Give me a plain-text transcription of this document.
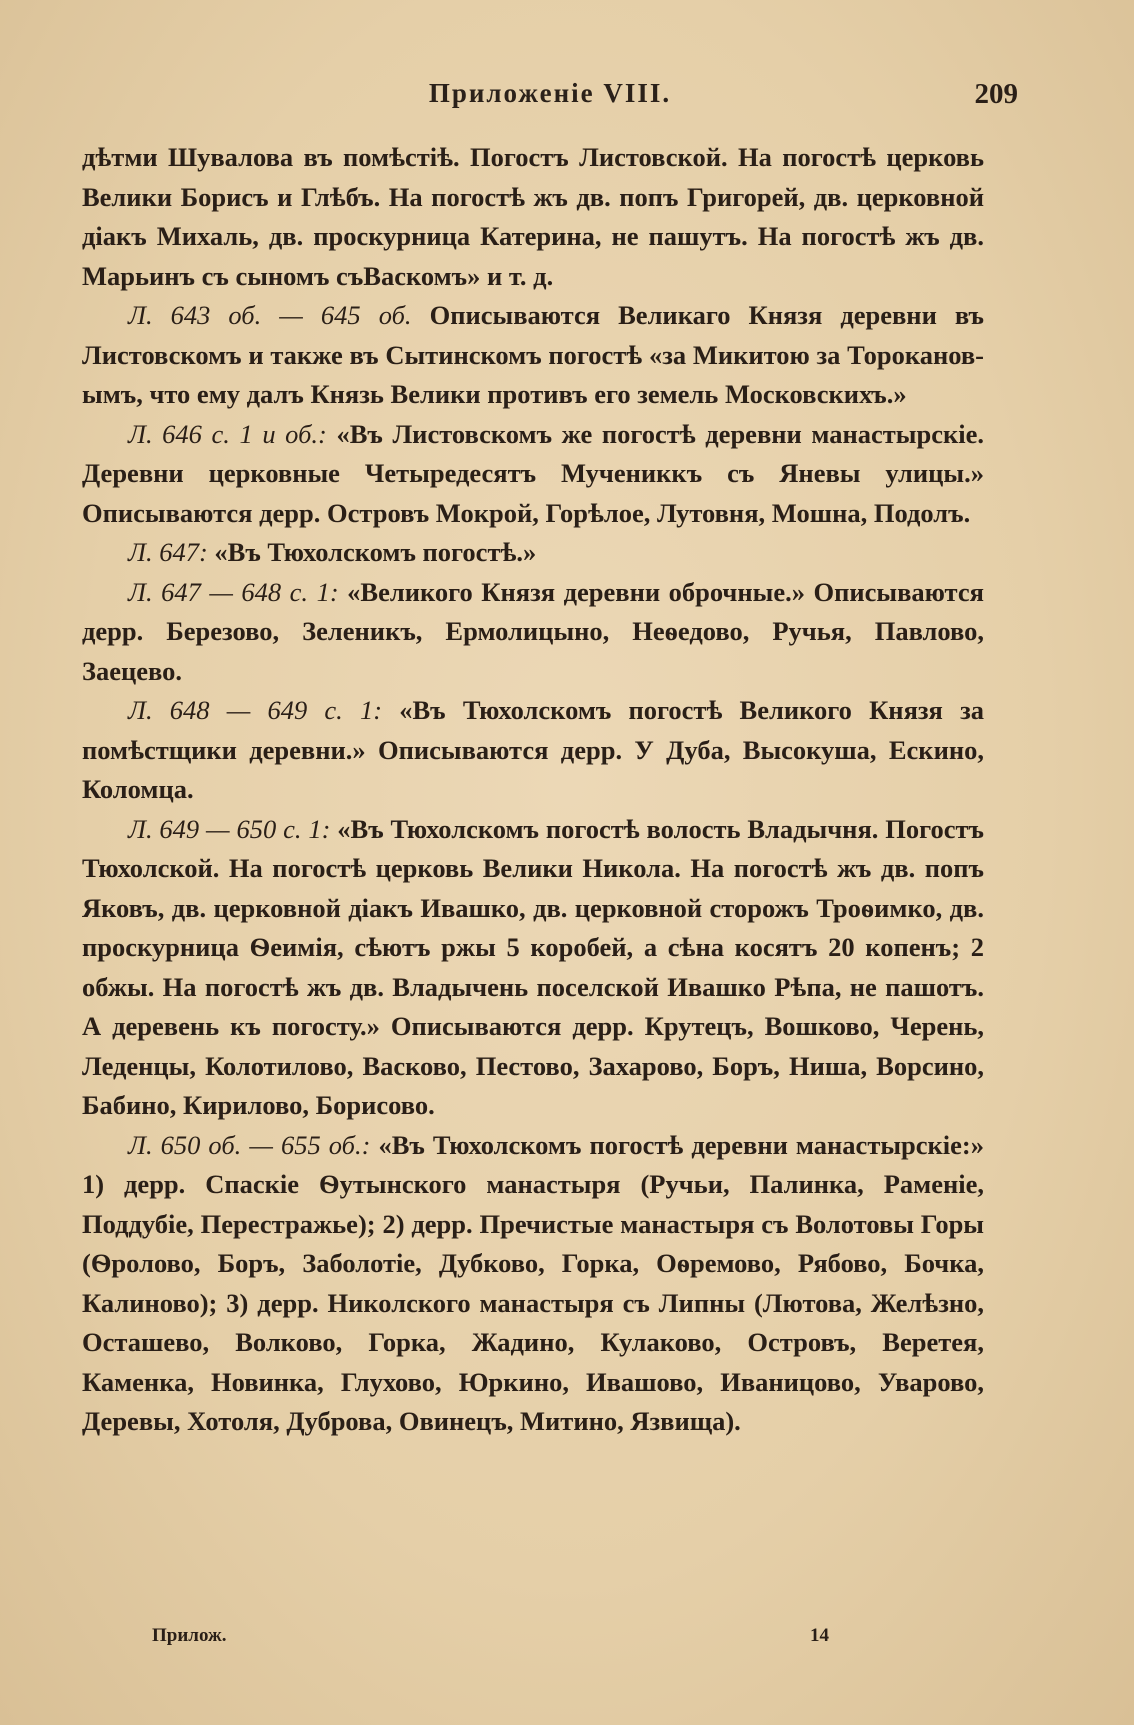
Приложеніе VIII.	209

дѣтми Шувалова въ помѣстіѣ. Погостъ Листовской. На погостѣ церковь Велики Борисъ и Глѣбъ. На погостѣ жъ дв. попъ Григорей, дв. церковной діакъ Михаль, дв. проскурница Катерина, не пашутъ. На погостѣ жъ дв. Марьинъ съ сыномъ съВаскомъ» и т. д.

Л. 643 об. — 645 об. Описываются Великаго Князя деревни въ Листовскомъ и также въ Сытинскомъ погостѣ «за Микитою за Торокановымъ, что ему далъ Князь Велики противъ его земель Московскихъ.»

Л. 646 с. 1 и об.: «Въ Листовскомъ же погостѣ деревни манастырскіе. Деревни церковные Четыредесятъ Мучениккъ съ Яневы улицы.» Описываются дерр. Островъ Мокрой, Горѣлое, Лутовня, Мошна, Подолъ.

Л. 647: «Въ Тюхолскомъ погостѣ.»

Л. 647 — 648 с. 1: «Великого Князя деревни оброчные.» Описываются дерр. Березово, Зеленикъ, Ермолицыно, Неѳедово, Ручья, Павлово, Заецево.

Л. 648 — 649 с. 1: «Въ Тюхолскомъ погостѣ Великого Князя за помѣстщики деревни.» Описываются дерр. У Дуба, Высокуша, Ескино, Коломца.

Л. 649 — 650 с. 1: «Въ Тюхолскомъ погостѣ волость Владычня. Погостъ Тюхолской. На погостѣ церковь Велики Никола. На погостѣ жъ дв. попъ Яковъ, дв. церковной діакъ Ивашко, дв. церковной сторожъ Троѳимко, дв. проскурница Ѳеимія, сѣютъ ржы 5 коробей, а сѣна косятъ 20 копенъ; 2 обжы. На погостѣ жъ дв. Владычень поселской Ивашко Рѣпа, не пашотъ. А деревень къ погосту.» Описываются дерр. Крутецъ, Вошково, Черень, Леденцы, Колотилово, Васково, Пестово, Захарово, Боръ, Ниша, Ворсино, Бабино, Кирилово, Борисово.

Л. 650 об. — 655 об.: «Въ Тюхолскомъ погостѣ деревни манастырскіе:» 1) дерр. Спаскіе Ѳутынского манастыря (Ручьи, Палинка, Раменіе, Поддубіе, Перестражье); 2) дерр. Пречистые манастыря съ Волотовы Горы (Ѳролово, Боръ, Заболотіе, Дубково, Горка, Оѳремово, Рябово, Бочка, Калиново); 3) дерр. Николского манастыря съ Липны (Лютова, Желѣзно, Осташево, Волково, Горка, Жадино, Кулаково, Островъ, Веретея, Каменка, Новинка, Глухово, Юркино, Ивашово, Иваницово, Уварово, Деревы, Хотоля, Дуброва, Овинецъ, Митино, Язвища).

Прилож.	14
